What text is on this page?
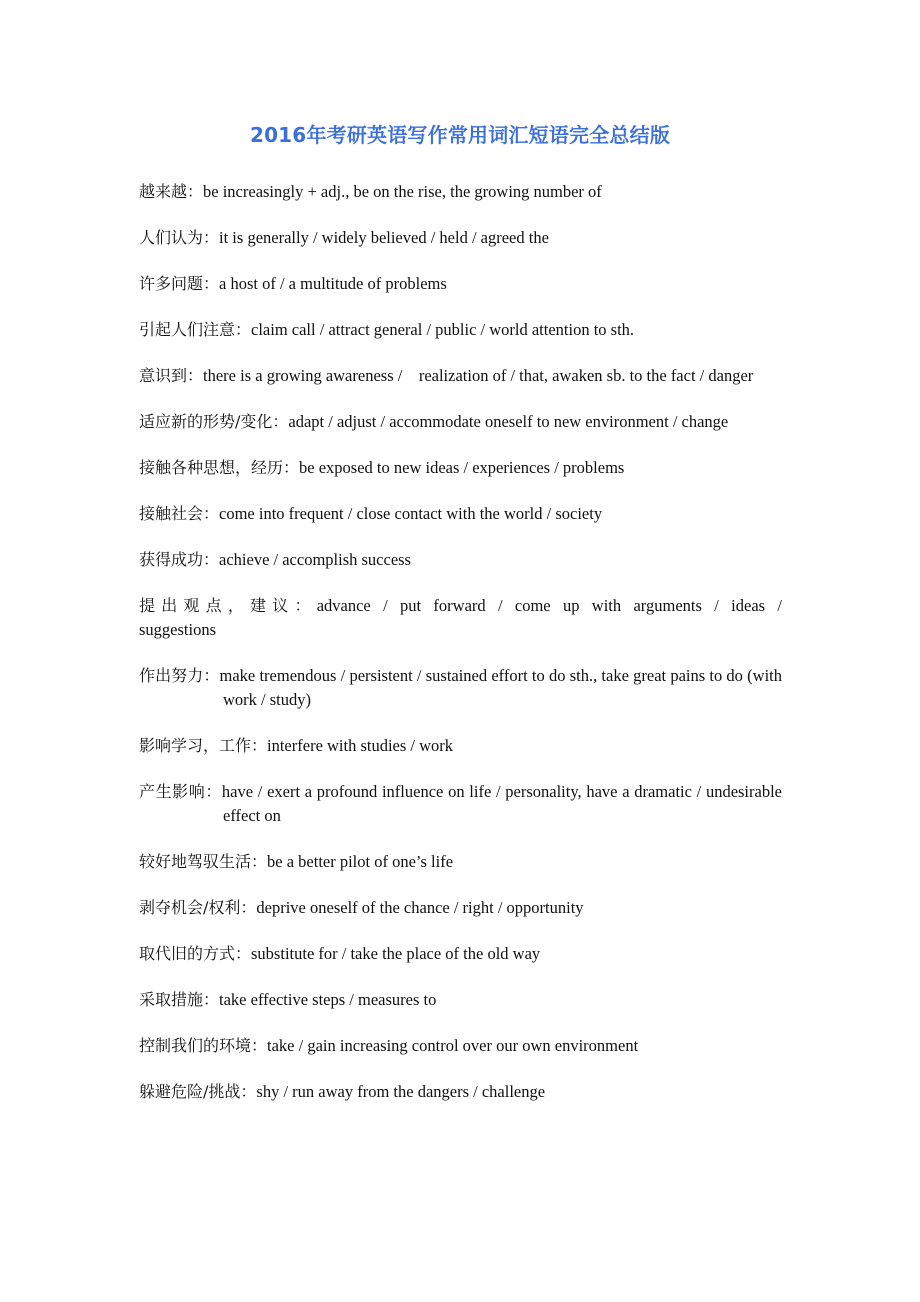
2016年考研英语写作常用词汇短语完全总结版

越来越：be increasingly + adj., be on the rise, the growing number of

人们认为：it is generally / widely believed / held / agreed the

许多问题：a host of / a multitude of problems

引起人们注意：claim call / attract general / public / world attention to sth.

意识到：there is a growing awareness /    realization of / that, awaken sb. to the fact / danger

适应新的形势/变化：adapt / adjust / accommodate oneself to new environment / change

接触各种思想，经历：be exposed to new ideas / experiences / problems

接触社会：come into frequent / close contact with the world / society

获得成功：achieve / accomplish success

提出观点，建议：advance / put forward / come up with arguments / ideas / suggestions

作出努力：make tremendous / persistent / sustained effort to do sth., take great pains to do (with work / study)

影响学习，工作：interfere with studies / work

产生影响：have / exert a profound influence on life / personality, have a dramatic / undesirable effect on

较好地驾驭生活：be a better pilot of one’s life

剥夺机会/权利：deprive oneself of the chance / right / opportunity

取代旧的方式：substitute for / take the place of the old way

采取措施：take effective steps / measures to

控制我们的环境：take / gain increasing control over our own environment

躲避危险/挑战：shy / run away from the dangers / challenge
